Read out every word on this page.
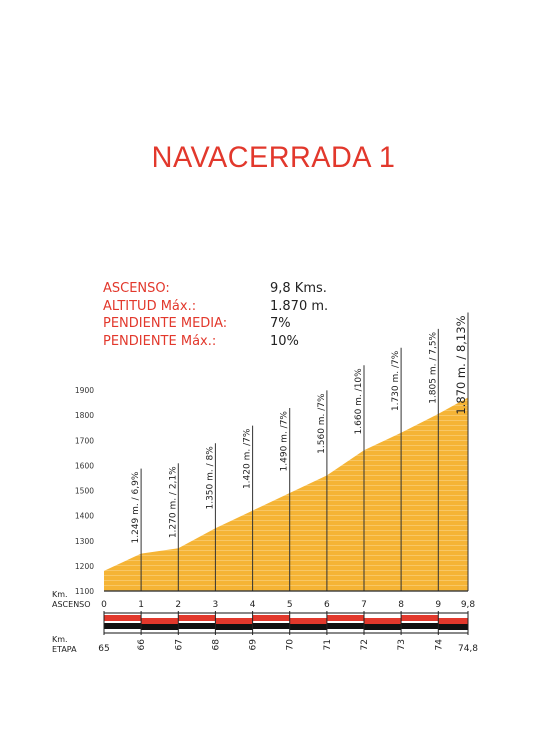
NAVACERRADA 1
ASCENSO:	9,8 Kms.
ALTITUD Máx.:	1.870 m.
PENDIENTE MEDIA:	7%
PENDIENTE Máx.:	10%
1100
1200
1300
1400
1500
1600
1700
1800
1900
1.249 m. / 6,9%	1.270 m. / 2,1%	1.350 m. / 8%	1.420 m. /7%	1.490 m. /7%	1.560 m. /7%	1.660 m. /10%	1.730 m. /7%	1.805 m. / 7,5% 1.870 m. / 8,13%
Km.
ASCENSO 0	1	2	3	4	5	6	7	8	9 9,8
Km.
ETAPA 65	66	67	68	69	70	71	72	73	74 74,8
